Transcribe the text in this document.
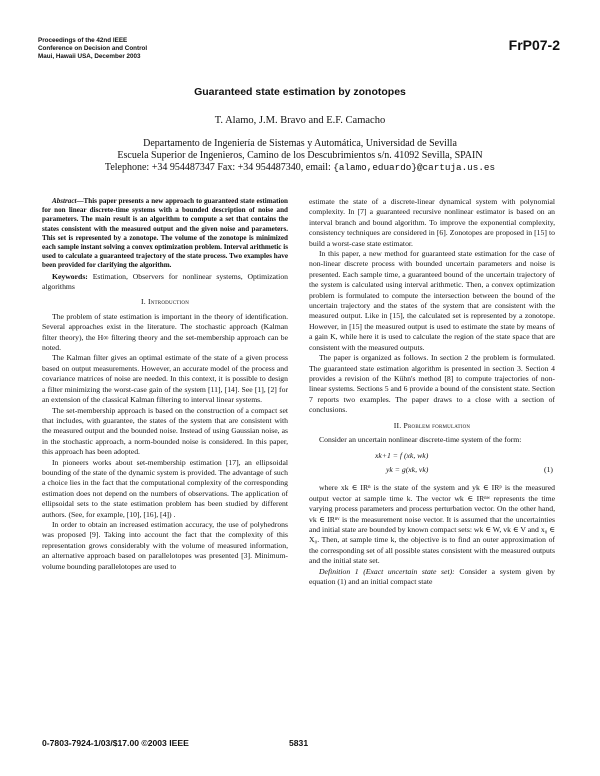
Proceedings of the 42nd IEEE
Conference on Decision and Control
Maui, Hawaii USA, December 2003
FrP07-2
Guaranteed state estimation by zonotopes
T. Alamo, J.M. Bravo and E.F. Camacho
Departamento de Ingeniería de Sistemas y Automática, Universidad de Sevilla
Escuela Superior de Ingenieros, Camino de los Descubrimientos s/n. 41092 Sevilla, SPAIN
Telephone: +34 954487347 Fax: +34 954487340, email: {alamo,eduardo}@cartuja.us.es

Abstract—This paper presents a new approach to guaranteed state estimation for non linear discrete-time systems with a bounded description of noise and parameters. The main result is an algorithm to compute a set that contains the states consistent with the measured output and the given noise and parameters. This set is represented by a zonotope. The volume of the zonotope is minimized each sample instant solving a convex optimization problem. Interval arithmetic is used to calculate a guaranteed trajectory of the state process. Two examples have been provided for clarifying the algorithm.

Keywords: Estimation, Observers for nonlinear systems, Optimization algorithms

I. Introduction

The problem of state estimation is important in the theory of identification. Several approaches exist in the literature. The stochastic approach (Kalman filter theory), the H∞ filtering theory and the set-membership approach can be noted.

The Kalman filter gives an optimal estimate of the state of a given process based on output measurements. However, an accurate model of the process and covariance matrices of noise are needed. In this context, it is possible to design a filter minimizing the worst-case gain of the system [11], [14]. See [1], [2] for an extension of the classical Kalman filtering to interval linear systems.

The set-membership approach is based on the construction of a compact set that includes, with guarantee, the states of the system that are consistent with the measured output and the bounded noise. Instead of using Gaussian noise, as in the stochastic approach, a norm-bounded noise is considered. In this paper, this approach has been adopted.

In pioneers works about set-membership estimation [17], an ellipsoidal bounding of the state of the dynamic system is provided. The advantage of such a choice lies in the fact that the computational complexity of the corresponding estimation does not depend on the numbers of observations. The application of ellipsoidal sets to the state estimation problem has been studied by different authors. (See, for example, [10], [16], [4]) .

In order to obtain an increased estimation accuracy, the use of polyhedrons was proposed [9]. Taking into account the fact that the complexity of this representation grows considerably with the volume of measured information, an alternative approach based on parallelotopes was presented [3]. Minimum-volume bounding parallelotopes are used to

estimate the state of a discrete-linear dynamical system with polynomial complexity. In [7] a guaranteed recursive nonlinear estimator is based on an interval branch and bound algorithm. To improve the exponential complexity, consistency techniques are considered in [6]. Zonotopes are proposed in [15] to build a worst-case state estimator.

In this paper, a new method for guaranteed state estimation for the case of non-linear discrete process with bounded uncertain parameters and noise is presented. Each sample time, a guaranteed bound of the uncertain trajectory of the system is calculated using interval arithmetic. Then, a convex optimization problem is formulated to compute the intersection between the bound of the uncertain trajectory and the states of the system that are consistent with the measured output. Like in [15], the calculated set is represented by a zonotope. However, in [15] the measured output is used to estimate the state by means of a gain K, while here it is used to calculate the region of the state space that are consistent with the measured outputs.

The paper is organized as follows. In section 2 the problem is formulated. The guaranteed state estimation algorithm is presented in section 3. Section 4 provides a revision of the Kühn's method [8] to compute trajectories of non-linear systems. Sections 5 and 6 provide a bound of the consistent state. Section 7 reports two examples. The paper draws to a close with a section of conclusions.

II. Problem formulation

Consider an uncertain nonlinear discrete-time system of the form:

xk+1 = f (xk, wk)
yk = g(xk, vk)	(1)

where xk ∈ IRⁿ is the state of the system and yk ∈ IRᵖ is the measured output vector at sample time k. The vector wk ∈ IRⁿʷ represents the time varying process parameters and process perturbation vector. On the other hand, vk ∈ IRⁿᵛ is the measurement noise vector. It is assumed that the uncertainties and initial state are bounded by known compact sets: wk ∈ W, vk ∈ V and x₀ ∈ X₀. Then, at sample time k, the objective is to find an outer approximation of the corresponding set of all possible states consistent with the measured outputs and the initial state set.

Definition 1 (Exact uncertain state set): Consider a system given by equation (1) and an initial compact state

0-7803-7924-1/03/$17.00 ©2003 IEEE	5831
